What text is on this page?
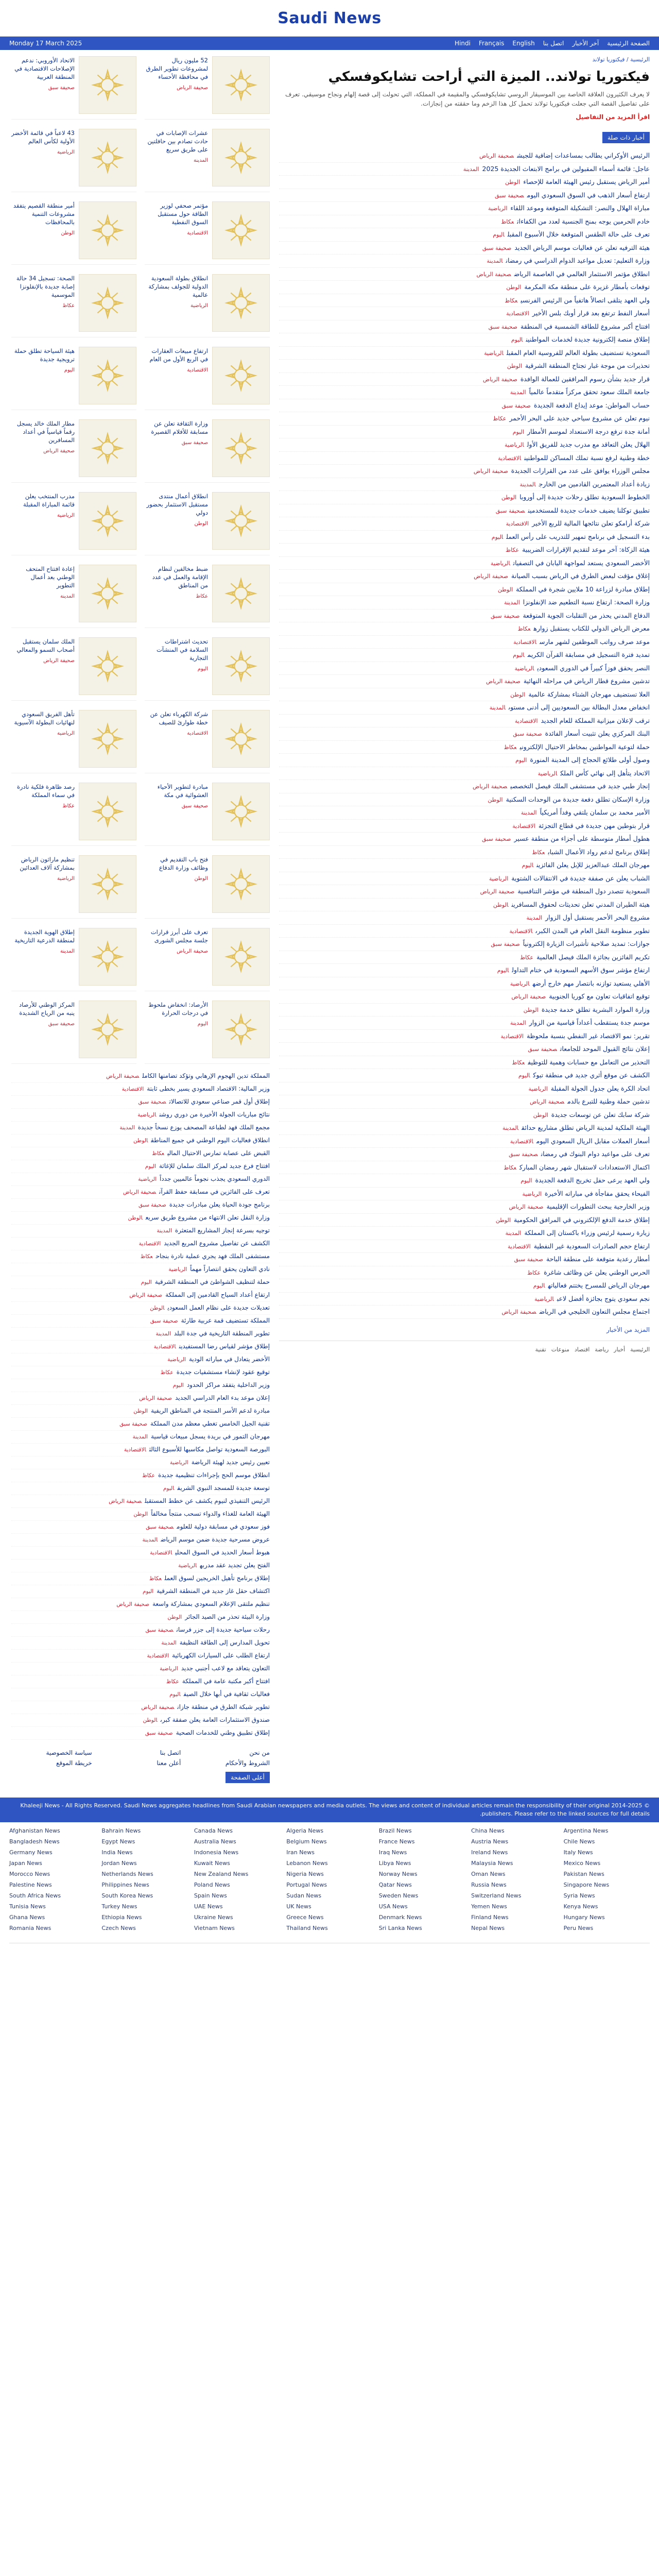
Saudi News
الصفحة الرئيسية
آخر الأخبار
اتصل بنا
English
Français
Hindi
Monday 17 March 2025
الرئيسية / فيكتوريا تولاند
فيكتوريا تولاند.. الميزة التي أراحت تشايكوفسكي
لا يعرف الكثيرون العلاقة الخاصة بين الموسيقار الروسي تشايكوفسكي والمقيمة في المملكة، التي تحولت إلى قصة إلهام ونجاح موسيقي. تعرف على تفاصيل القصة التي جعلت فيكتوريا تولاند تحمل كل هذا الزخم وما حققته من إنجازات.
اقرأ المزيد من التفاصيل
أخبار ذات صلة
الرئيس الأوكراني يطالب بمساعدات إضافية للجيشصحيفة الرياض
عاجل: قائمة أسماء المقبولين في برامج الابتعاث الجديدة 2025المدينة
أمير الرياض يستقبل رئيس الهيئة العامة للإحصاءالوطن
ارتفاع أسعار الذهب في السوق السعودي اليومصحيفة سبق
مباراة الهلال والنصر: التشكيلة المتوقعة وموعد اللقاءالرياضية
خادم الحرمين يوجه بمنح الجنسية لعدد من الكفاءاتعكاظ
تعرف على حالة الطقس المتوقعة خلال الأسبوع المقبلاليوم
هيئة الترفيه تعلن عن فعاليات موسم الرياض الجديدصحيفة سبق
وزارة التعليم: تعديل مواعيد الدوام الدراسي في رمضانالمدينة
انطلاق مؤتمر الاستثمار العالمي في العاصمة الرياضصحيفة الرياض
توقعات بأمطار غزيرة على منطقة مكة المكرمةالوطن
ولي العهد يتلقى اتصالاً هاتفياً من الرئيس الفرنسيعكاظ
أسعار النفط ترتفع بعد قرار أوبك بلس الأخيرالاقتصادية
افتتاح أكبر مشروع للطاقة الشمسية في المنطقةصحيفة سبق
إطلاق منصة إلكترونية جديدة لخدمات المواطنيناليوم
السعودية تستضيف بطولة العالم للفروسية العام المقبلالرياضية
تحذيرات من موجة غبار تجتاح المنطقة الشرقيةالوطن
قرار جديد بشأن رسوم المرافقين للعمالة الوافدةصحيفة الرياض
جامعة الملك سعود تحقق مركزاً متقدماً عالمياًالمدينة
حساب المواطن: موعد إيداع الدفعة الجديدةصحيفة سبق
نيوم تعلن عن مشروع سياحي جديد على البحر الأحمرعكاظ
أمانة جدة ترفع درجة الاستعداد لموسم الأمطاراليوم
الهلال يعلن التعاقد مع مدرب جديد للفريق الأولالرياضية
خطة وطنية لرفع نسبة تملك المساكن للمواطنينالاقتصادية
مجلس الوزراء يوافق على عدد من القرارات الجديدةصحيفة الرياض
زيادة أعداد المعتمرين القادمين من الخارجالمدينة
الخطوط السعودية تطلق رحلات جديدة إلى أوروباالوطن
تطبيق توكلنا يضيف خدمات جديدة للمستخدمينصحيفة سبق
شركة أرامكو تعلن نتائجها المالية للربع الأخيرالاقتصادية
بدء التسجيل في برنامج تمهير للتدريب على رأس العملاليوم
هيئة الزكاة: آخر موعد لتقديم الإقرارات الضريبيةعكاظ
الأخضر السعودي يستعد لمواجهة اليابان في التصفياتالرياضية
إغلاق مؤقت لبعض الطرق في الرياض بسبب الصيانةصحيفة الرياض
إطلاق مبادرة لزراعة 10 ملايين شجرة في المملكةالوطن
وزارة الصحة: ارتفاع نسبة التطعيم ضد الإنفلونزاالمدينة
الدفاع المدني يحذر من التقلبات الجوية المتوقعةصحيفة سبق
معرض الرياض الدولي للكتاب يستقبل زوارهعكاظ
موعد صرف رواتب الموظفين لشهر مارسالاقتصادية
تمديد فترة التسجيل في مسابقة القرآن الكريماليوم
النصر يحقق فوزاً كبيراً في الدوري السعوديالرياضية
تدشين مشروع قطار الرياض في مراحله النهائيةصحيفة الرياض
العلا تستضيف مهرجان الشتاء بمشاركة عالميةالوطن
انخفاض معدل البطالة بين السعوديين إلى أدنى مستوىالمدينة
ترقب لإعلان ميزانية المملكة للعام الجديدالاقتصادية
البنك المركزي يعلن تثبيت أسعار الفائدةصحيفة سبق
حملة لتوعية المواطنين بمخاطر الاحتيال الإلكترونيعكاظ
وصول أولى طلائع الحجاج إلى المدينة المنورةاليوم
الاتحاد يتأهل إلى نهائي كأس الملكالرياضية
إنجاز طبي جديد في مستشفى الملك فيصل التخصصيصحيفة الرياض
وزارة الإسكان تطلق دفعة جديدة من الوحدات السكنيةالوطن
الأمير محمد بن سلمان يلتقي وفداً أمريكياًالمدينة
قرار بتوطين مهن جديدة في قطاع التجزئةالاقتصادية
هطول أمطار متوسطة على أجزاء من منطقة عسيرصحيفة سبق
إطلاق برنامج لدعم رواد الأعمال الشبابعكاظ
مهرجان الملك عبدالعزيز للإبل يعلن الفائزيناليوم
الشباب يعلن عن صفقة جديدة في الانتقالات الشتويةالرياضية
السعودية تتصدر دول المنطقة في مؤشر التنافسيةصحيفة الرياض
هيئة الطيران المدني تعلن تحديثات لحقوق المسافرينالوطن
مشروع البحر الأحمر يستقبل أول الزوارالمدينة
تطوير منظومة النقل العام في المدن الكبرىالاقتصادية
جوازات: تمديد صلاحية تأشيرات الزيارة إلكترونياًصحيفة سبق
تكريم الفائزين بجائزة الملك فيصل العالميةعكاظ
ارتفاع مؤشر سوق الأسهم السعودية في ختام التداولاليوم
الأهلي يستعيد توازنه بانتصار مهم خارج أرضهالرياضية
توقيع اتفاقيات تعاون مع كوريا الجنوبيةصحيفة الرياض
وزارة الموارد البشرية تطلق خدمة جديدةالوطن
موسم جدة يستقطب أعداداً قياسية من الزوارالمدينة
تقرير: نمو الاقتصاد غير النفطي بنسبة ملحوظةالاقتصادية
إعلان نتائج القبول الموحد للجامعاتصحيفة سبق
التحذير من التعامل مع حسابات وهمية للتوظيفعكاظ
الكشف عن موقع أثري جديد في منطقة تبوكاليوم
اتحاد الكرة يعلن جدول الجولة المقبلةالرياضية
تدشين حملة وطنية للتبرع بالدمصحيفة الرياض
شركة سابك تعلن عن توسعات جديدةالوطن
الهيئة الملكية لمدينة الرياض تطلق مشاريع حدائقالمدينة
أسعار العملات مقابل الريال السعودي اليومالاقتصادية
تعرف على مواعيد دوام البنوك في رمضانصحيفة سبق
اكتمال الاستعدادات لاستقبال شهر رمضان المباركعكاظ
ولي العهد يرعى حفل تخريج الدفعة الجديدةاليوم
الفيحاء يحقق مفاجأة في مباراته الأخيرةالرياضية
وزير الخارجية يبحث التطورات الإقليميةصحيفة الرياض
إطلاق خدمة الدفع الإلكتروني في المرافق الحكوميةالوطن
زيارة رسمية لرئيس وزراء باكستان إلى المملكةالمدينة
ارتفاع حجم الصادرات السعودية غير النفطيةالاقتصادية
أمطار رعدية متوقعة على منطقة الباحةصحيفة سبق
الحرس الوطني يعلن عن وظائف شاغرةعكاظ
مهرجان الرياض للمسرح يختتم فعالياتهاليوم
نجم سعودي يتوج بجائزة أفضل لاعبالرياضية
اجتماع مجلس التعاون الخليجي في الرياضصحيفة الرياض
المزيد من الأخبار
الرئيسية
أخبار
رياضة
اقتصاد
منوعات
تقنية
52 مليون ريال لمشروعات تطوير الطرق في محافظة الأحساء
صحيفة الرياض
الاتحاد الأوروبي: ندعم الإصلاحات الاقتصادية في المنطقة العربية
صحيفة سبق
عشرات الإصابات في حادث تصادم بين حافلتين على طريق سريع
المدينة
43 لاعباً في قائمة الأخضر الأولية لكأس العالم
الرياضية
مؤتمر صحفي لوزير الطاقة حول مستقبل السوق النفطية
الاقتصادية
أمير منطقة القصيم يتفقد مشروعات التنمية بالمحافظات
الوطن
انطلاق بطولة السعودية الدولية للجولف بمشاركة عالمية
الرياضية
الصحة: تسجيل 34 حالة إصابة جديدة بالإنفلونزا الموسمية
عكاظ
ارتفاع مبيعات العقارات في الربع الأول من العام
الاقتصادية
هيئة السياحة تطلق حملة ترويجية جديدة
اليوم
وزارة الثقافة تعلن عن مسابقة للأفلام القصيرة
صحيفة سبق
مطار الملك خالد يسجل رقماً قياسياً في أعداد المسافرين
صحيفة الرياض
انطلاق أعمال منتدى مستقبل الاستثمار بحضور دولي
الوطن
مدرب المنتخب يعلن قائمة المباراة المقبلة
الرياضية
ضبط مخالفين لنظام الإقامة والعمل في عدد من المناطق
عكاظ
إعادة افتتاح المتحف الوطني بعد أعمال التطوير
المدينة
تحديث اشتراطات السلامة في المنشآت التجارية
اليوم
الملك سلمان يستقبل أصحاب السمو والمعالي
صحيفة الرياض
شركة الكهرباء تعلن عن خطة طوارئ للصيف
الاقتصادية
تأهل الفريق السعودي لنهائيات البطولة الآسيوية
الرياضية
مبادرة لتطوير الأحياء العشوائية في مكة
صحيفة سبق
رصد ظاهرة فلكية نادرة في سماء المملكة
عكاظ
فتح باب التقديم في وظائف وزارة الدفاع
الوطن
تنظيم ماراثون الرياض بمشاركة آلاف العدائين
الرياضية
تعرف على أبرز قرارات جلسة مجلس الشورى
صحيفة الرياض
إطلاق الهوية الجديدة لمنطقة الدرعية التاريخية
المدينة
الأرصاد: انخفاض ملحوظ في درجات الحرارة
اليوم
المركز الوطني للأرصاد ينبه من الرياح الشديدة
صحيفة سبق
المملكة تدين الهجوم الإرهابي وتؤكد تضامنها الكاملصحيفة الرياض
وزير المالية: الاقتصاد السعودي يسير بخطى ثابتةالاقتصادية
إطلاق أول قمر صناعي سعودي للاتصالاتصحيفة سبق
نتائج مباريات الجولة الأخيرة من دوري روشنالرياضية
مجمع الملك فهد لطباعة المصحف يوزع نسخاً جديدةالمدينة
انطلاق فعاليات اليوم الوطني في جميع المناطقالوطن
القبض على عصابة تمارس الاحتيال الماليعكاظ
افتتاح فرع جديد لمركز الملك سلمان للإغاثةاليوم
الدوري السعودي يجذب نجوماً عالميين جدداًالرياضية
تعرف على الفائزين في مسابقة حفظ القرآنصحيفة الرياض
برنامج جودة الحياة يعلن مبادرات جديدةصحيفة سبق
وزارة النقل تعلن الانتهاء من مشروع طريق سريعالوطن
توجيه بسرعة إنجاز المشاريع المتعثرةالمدينة
الكشف عن تفاصيل مشروع المربع الجديدالاقتصادية
مستشفى الملك فهد يجري عملية نادرة بنجاحعكاظ
نادي التعاون يحقق انتصاراً مهماًالرياضية
حملة لتنظيف الشواطئ في المنطقة الشرقيةاليوم
ارتفاع أعداد السياح القادمين إلى المملكةصحيفة الرياض
تعديلات جديدة على نظام العمل السعوديالوطن
المملكة تستضيف قمة عربية طارئةصحيفة سبق
تطوير المنطقة التاريخية في جدة البلدالمدينة
إطلاق مؤشر لقياس رضا المستفيدينالاقتصادية
الأخضر يتعادل في مباراته الوديةالرياضية
توقيع عقود لإنشاء مستشفيات جديدةعكاظ
وزير الداخلية يتفقد مراكز الحدوداليوم
إعلان موعد بدء العام الدراسي الجديدصحيفة الرياض
مبادرة لدعم الأسر المنتجة في المناطق الريفيةالوطن
تقنية الجيل الخامس تغطي معظم مدن المملكةصحيفة سبق
مهرجان التمور في بريدة يسجل مبيعات قياسيةالمدينة
البورصة السعودية تواصل مكاسبها للأسبوع الثالثالاقتصادية
تعيين رئيس جديد لهيئة الرياضةالرياضية
انطلاق موسم الحج بإجراءات تنظيمية جديدةعكاظ
توسعة جديدة للمسجد النبوي الشريفاليوم
الرئيس التنفيذي لنيوم يكشف عن خطط المستقبلصحيفة الرياض
الهيئة العامة للغذاء والدواء تسحب منتجاً مخالفاًالوطن
فوز سعودي في مسابقة دولية للعلومصحيفة سبق
عروض مسرحية جديدة ضمن موسم الرياضالمدينة
هبوط أسعار الحديد في السوق المحليالاقتصادية
الفتح يعلن تجديد عقد مدربهالرياضية
إطلاق برنامج تأهيل الخريجين لسوق العملعكاظ
اكتشاف حقل غاز جديد في المنطقة الشرقيةاليوم
تنظيم ملتقى الإعلام السعودي بمشاركة واسعةصحيفة الرياض
وزارة البيئة تحذر من الصيد الجائرالوطن
رحلات سياحية جديدة إلى جزر فرسانصحيفة سبق
تحويل المدارس إلى الطاقة النظيفةالمدينة
ارتفاع الطلب على السيارات الكهربائيةالاقتصادية
التعاون يتعاقد مع لاعب أجنبي جديدالرياضية
افتتاح أكبر مكتبة عامة في المملكةعكاظ
فعاليات ثقافية في أبها خلال الصيفاليوم
تطوير شبكة الطرق في منطقة جازانصحيفة الرياض
صندوق الاستثمارات العامة يعلن صفقة كبرىالوطن
إطلاق تطبيق وطني للخدمات الصحيةصحيفة سبق
من نحن
اتصل بنا
سياسة الخصوصية
الشروط والأحكام
أعلن معنا
خريطة الموقع
أعلى الصفحة
© 2014-2025 Khaleeji News - All Rights Reserved. Saudi News aggregates headlines from Saudi Arabian newspapers and media outlets. The views and content of individual articles remain the responsibility of their original publishers. Please refer to the linked sources for full details.
Afghanistan News	Bahrain News	Canada News	Algeria News	Brazil News	China News	Argentina News
Bangladesh News	Egypt News	Australia News	Belgium News	France News	Austria News	Chile News
Germany News	India News	Indonesia News	Iran News	Iraq News	Ireland News	Italy News
Japan News	Jordan News	Kuwait News	Lebanon News	Libya News	Malaysia News	Mexico News
Morocco News	Netherlands News	New Zealand News	Nigeria News	Norway News	Oman News	Pakistan News
Palestine News	Philippines News	Poland News	Portugal News	Qatar News	Russia News	Singapore News
South Africa News	South Korea News	Spain News	Sudan News	Sweden News	Switzerland News	Syria News
Tunisia News	Turkey News	UAE News	UK News	USA News	Yemen News	Kenya News
Ghana News	Ethiopia News	Ukraine News	Greece News	Denmark News	Finland News	Hungary News
Romania News	Czech News	Vietnam News	Thailand News	Sri Lanka News	Nepal News	Peru News
